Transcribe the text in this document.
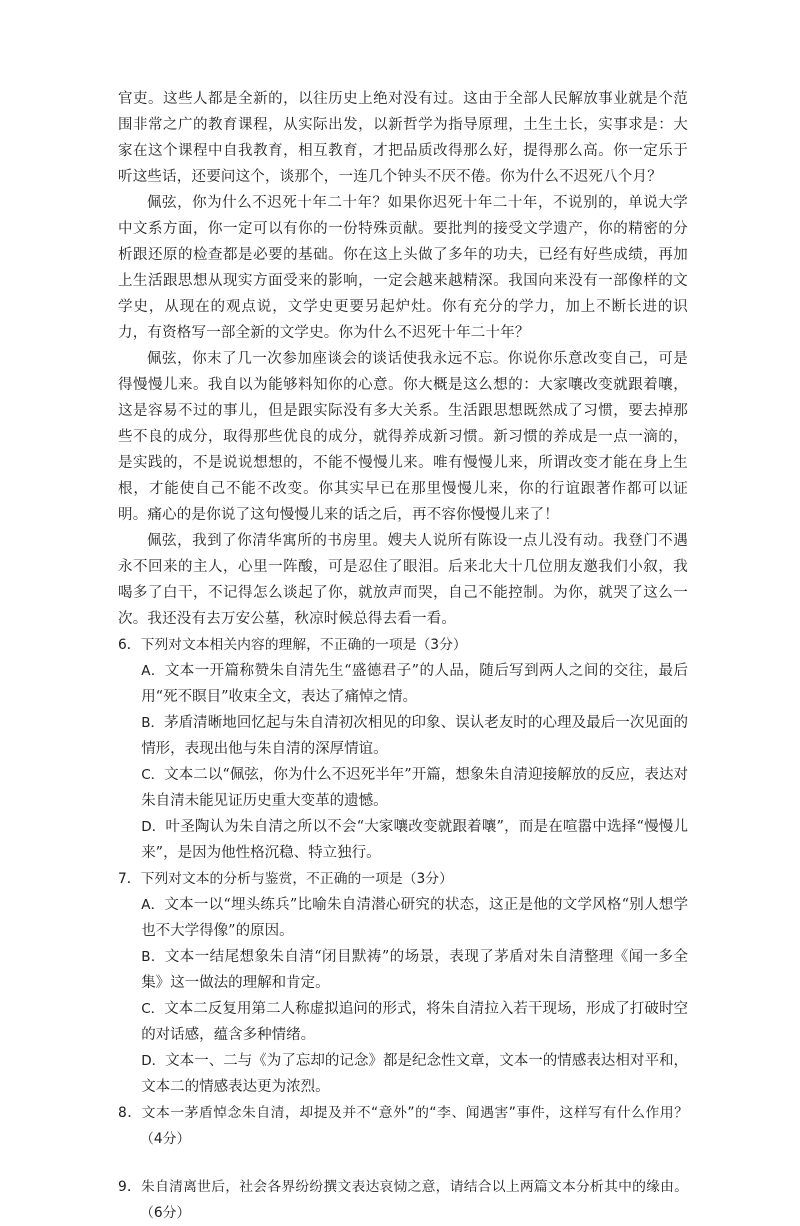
官吏。这些人都是全新的，以往历史上绝对没有过。这由于全部人民解放事业就是个范围非常之广的教育课程，从实际出发，以新哲学为指导原理，土生土长，实事求是：大家在这个课程中自我教育，相互教育，才把品质改得那么好，提得那么高。你一定乐于听这些话，还要问这个，谈那个，一连几个钟头不厌不倦。你为什么不迟死八个月？

佩弦，你为什么不迟死十年二十年？如果你迟死十年二十年，不说别的，单说大学中文系方面，你一定可以有你的一份特殊贡献。要批判的接受文学遗产，你的精密的分析跟还原的检查都是必要的基础。你在这上头做了多年的功夫，已经有好些成绩，再加上生活跟思想从现实方面受来的影响，一定会越来越精深。我国向来没有一部像样的文学史，从现在的观点说，文学史更要另起炉灶。你有充分的学力，加上不断长进的识力，有资格写一部全新的文学史。你为什么不迟死十年二十年？

佩弦，你末了几一次参加座谈会的谈话使我永远不忘。你说你乐意改变自己，可是得慢慢儿来。我自以为能够料知你的心意。你大概是这么想的：大家嚷改变就跟着嚷，这是容易不过的事儿，但是跟实际没有多大关系。生活跟思想既然成了习惯，要去掉那些不良的成分，取得那些优良的成分，就得养成新习惯。新习惯的养成是一点一滴的，是实践的，不是说说想想的，不能不慢慢儿来。唯有慢慢儿来，所谓改变才能在身上生根，才能使自己不能不改变。你其实早已在那里慢慢儿来，你的行谊跟著作都可以证明。痛心的是你说了这句慢慢儿来的话之后，再不容你慢慢儿来了！

佩弦，我到了你清华寓所的书房里。嫂夫人说所有陈设一点儿没有动。我登门不遇永不回来的主人，心里一阵酸，可是忍住了眼泪。后来北大十几位朋友邀我们小叙，我喝多了白干，不记得怎么谈起了你，就放声而哭，自己不能控制。为你，就哭了这么一次。我还没有去万安公墓，秋凉时候总得去看一看。

6．下列对文本相关内容的理解，不正确的一项是（3分）

A．文本一开篇称赞朱自清先生“盛德君子”的人品，随后写到两人之间的交往，最后用“死不瞑目”收束全文，表达了痛悼之情。

B．茅盾清晰地回忆起与朱自清初次相见的印象、误认老友时的心理及最后一次见面的情形，表现出他与朱自清的深厚情谊。

C．文本二以“佩弦，你为什么不迟死半年”开篇，想象朱自清迎接解放的反应，表达对朱自清未能见证历史重大变革的遗憾。

D．叶圣陶认为朱自清之所以不会“大家嚷改变就跟着嚷”，而是在喧嚣中选择“慢慢儿来”，是因为他性格沉稳、特立独行。

7．下列对文本的分析与鉴赏，不正确的一项是（3分）

A．文本一以“埋头练兵”比喻朱自清潜心研究的状态，这正是他的文学风格“别人想学也不大学得像”的原因。

B．文本一结尾想象朱自清“闭目默祷”的场景，表现了茅盾对朱自清整理《闻一多全集》这一做法的理解和肯定。

C．文本二反复用第二人称虚拟追问的形式，将朱自清拉入若干现场，形成了打破时空的对话感，蕴含多种情绪。

D．文本一、二与《为了忘却的记念》都是纪念性文章，文本一的情感表达相对平和，文本二的情感表达更为浓烈。

8．文本一茅盾悼念朱自清，却提及并不“意外”的“李、闻遇害”事件，这样写有什么作用？（4分）

9．朱自清离世后，社会各界纷纷撰文表达哀恸之意，请结合以上两篇文本分析其中的缘由。（6分）
